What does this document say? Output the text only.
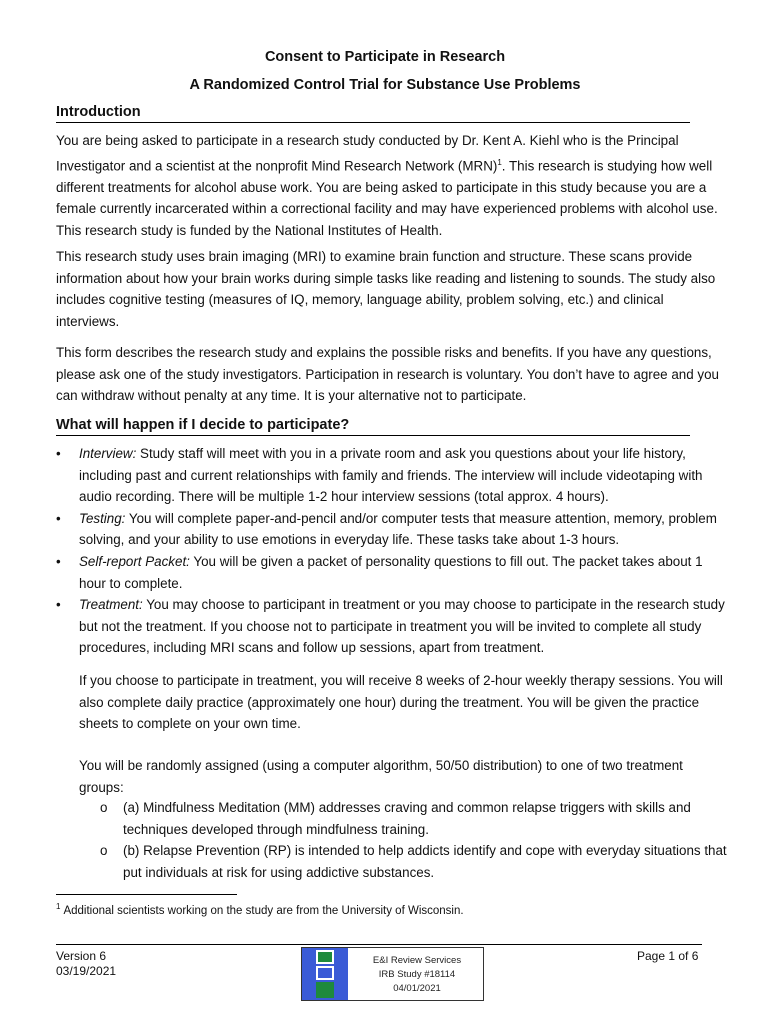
Consent to Participate in Research
A Randomized Control Trial for Substance Use Problems
Introduction

You are being asked to participate in a research study conducted by Dr. Kent A. Kiehl who is the Principal Investigator and a scientist at the nonprofit Mind Research Network (MRN)$^1$. This research is studying how well different treatments for alcohol abuse work. You are being asked to participate in this study because you are a female currently incarcerated within a correctional facility and may have experienced problems with alcohol use. This research study is funded by the National Institutes of Health.

This research study uses brain imaging (MRI) to examine brain function and structure. These scans provide information about how your brain works during simple tasks like reading and listening to sounds. The study also includes cognitive testing (measures of IQ, memory, language ability, problem solving, etc.) and clinical interviews.

This form describes the research study and explains the possible risks and benefits. If you have any questions, please ask one of the study investigators. Participation in research is voluntary. You don’t have to agree and you can withdraw without penalty at any time. It is your alternative not to participate.

What will happen if I decide to participate?
• Interview: Study staff will meet with you in a private room and ask you questions about your life history, including past and current relationships with family and friends. The interview will include videotaping with audio recording. There will be multiple 1-2 hour interview sessions (total approx. 4 hours).
• Testing: You will complete paper-and-pencil and/or computer tests that measure attention, memory, problem solving, and your ability to use emotions in everyday life. These tasks take about 1-3 hours.
• Self-report Packet: You will be given a packet of personality questions to fill out. The packet takes about 1 hour to complete.
• Treatment: You may choose to participant in treatment or you may choose to participate in the research study but not the treatment. If you choose not to participate in treatment you will be invited to complete all study procedures, including MRI scans and follow up sessions, apart from treatment.

If you choose to participate in treatment, you will receive 8 weeks of 2-hour weekly therapy sessions. You will also complete daily practice (approximately one hour) during the treatment. You will be given the practice sheets to complete on your own time.

You will be randomly assigned (using a computer algorithm, 50/50 distribution) to one of two treatment groups:

o (a) Mindfulness Meditation (MM) addresses craving and common relapse triggers with skills and techniques developed through mindfulness training.
o (b) Relapse Prevention (RP) is intended to help addicts identify and cope with everyday situations that put individuals at risk for using addictive substances.
$^1$ Additional scientists working on the study are from the University of Wisconsin.
Version 6
03/19/2021
E&I Review Services
IRB Study #18114
04/01/2021
Page 1 of 6
